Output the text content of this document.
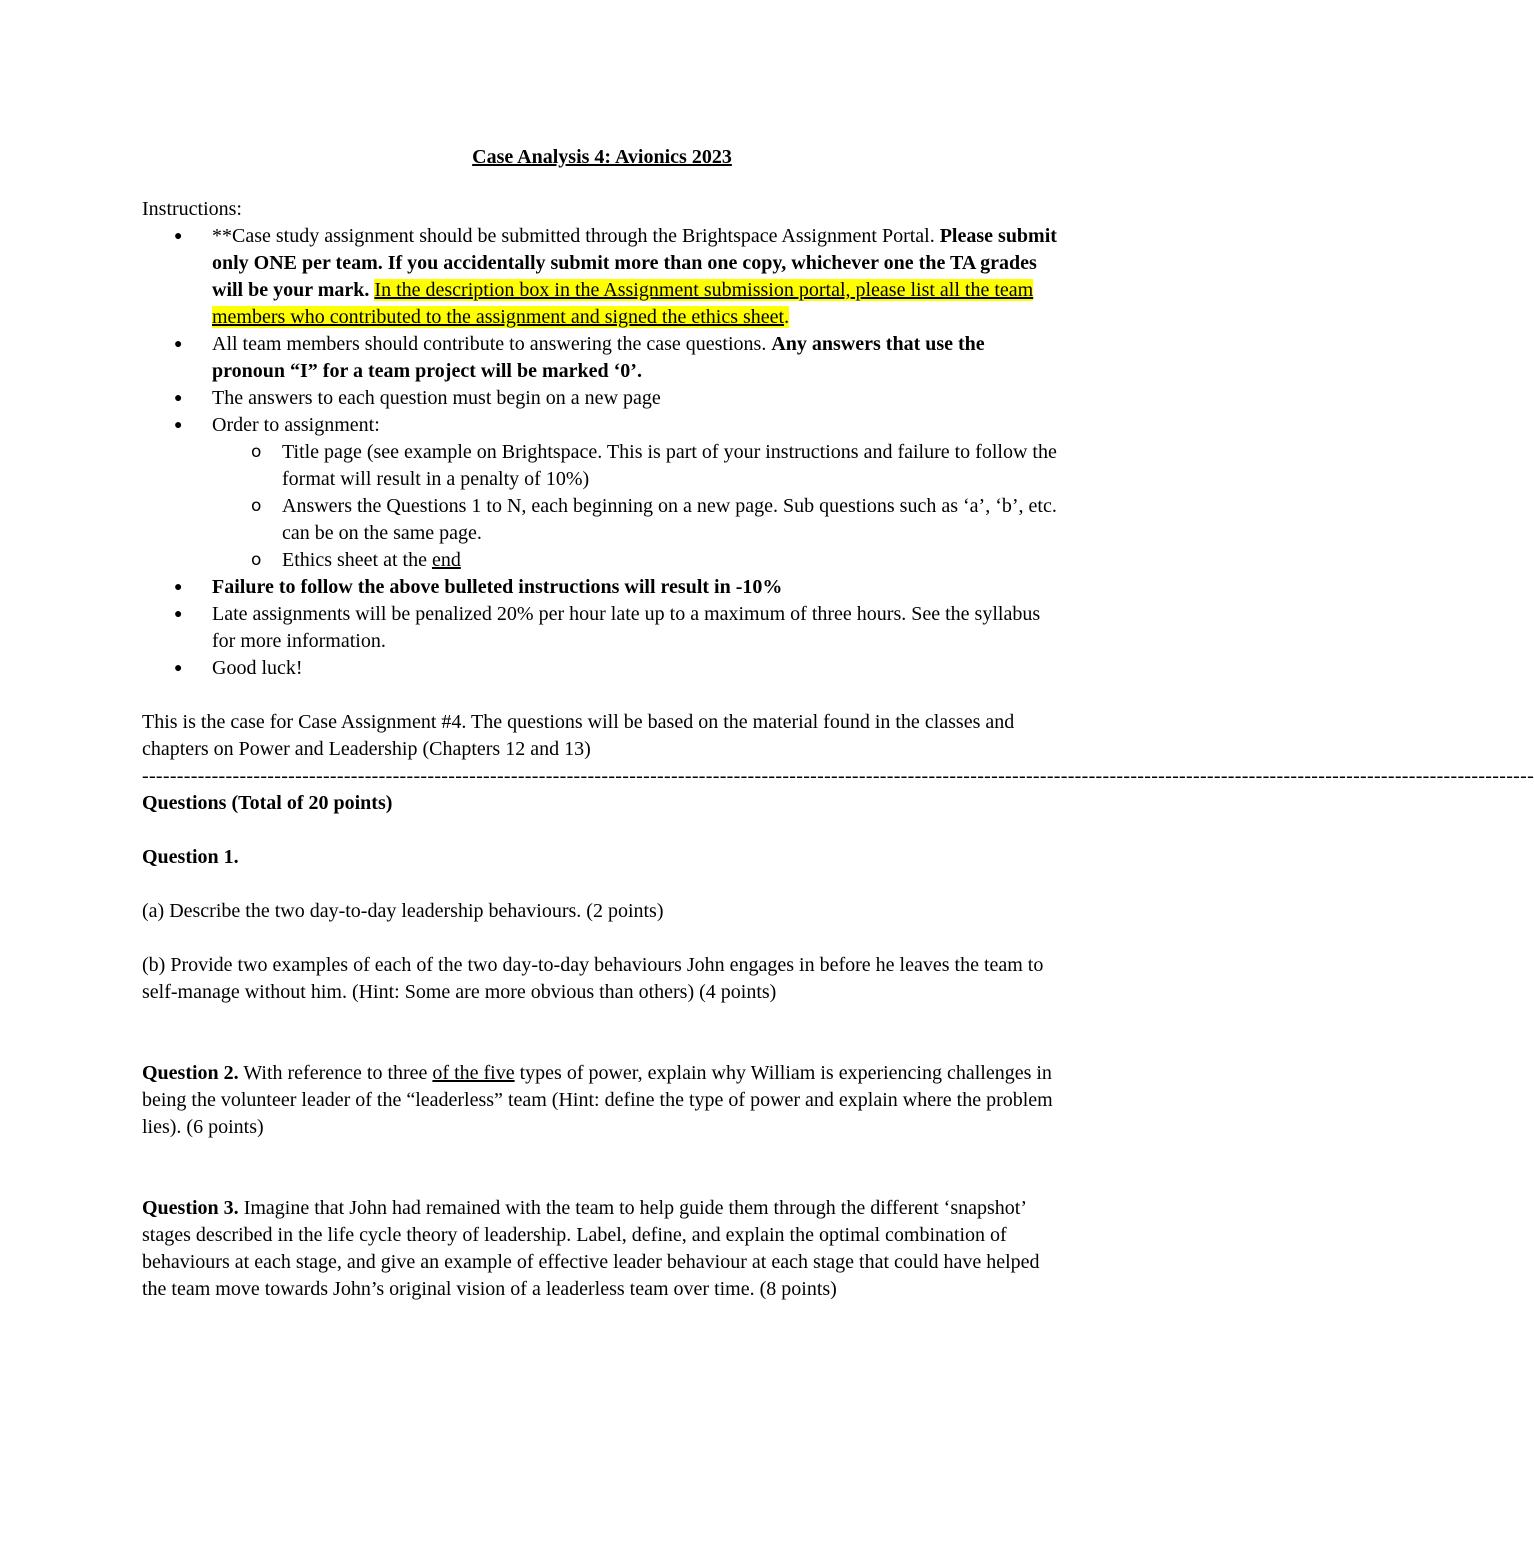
Case Analysis 4: Avionics 2023

Instructions:

● **Case study assignment should be submitted through the Brightspace Assignment Portal. Please submit only ONE per team. If you accidentally submit more than one copy, whichever one the TA grades will be your mark. In the description box in the Assignment submission portal, please list all the team members who contributed to the assignment and signed the ethics sheet.
● All team members should contribute to answering the case questions. Any answers that use the pronoun “I” for a team project will be marked ‘0’.
● The answers to each question must begin on a new page
● Order to assignment:
o Title page (see example on Brightspace. This is part of your instructions and failure to follow the format will result in a penalty of 10%)
o Answers the Questions 1 to N, each beginning on a new page. Sub questions such as ‘a’, ‘b’, etc. can be on the same page.
o Ethics sheet at the end
● Failure to follow the above bulleted instructions will result in -10%
● Late assignments will be penalized 20% per hour late up to a maximum of three hours. See the syllabus for more information.
● Good luck!

This is the case for Case Assignment #4. The questions will be based on the material found in the classes and chapters on Power and Leadership (Chapters 12 and 13)

--------------------------------------------------------------------------------------------------------------------------------------------------------------------------------------------------------

Questions (Total of 20 points)

Question 1.

(a) Describe the two day-to-day leadership behaviours. (2 points)

(b) Provide two examples of each of the two day-to-day behaviours John engages in before he leaves the team to self-manage without him. (Hint: Some are more obvious than others) (4 points)

Question 2. With reference to three of the five types of power, explain why William is experiencing challenges in being the volunteer leader of the “leaderless” team (Hint: define the type of power and explain where the problem lies). (6 points)

Question 3. Imagine that John had remained with the team to help guide them through the different ‘snapshot’ stages described in the life cycle theory of leadership. Label, define, and explain the optimal combination of behaviours at each stage, and give an example of effective leader behaviour at each stage that could have helped the team move towards John’s original vision of a leaderless team over time. (8 points)
